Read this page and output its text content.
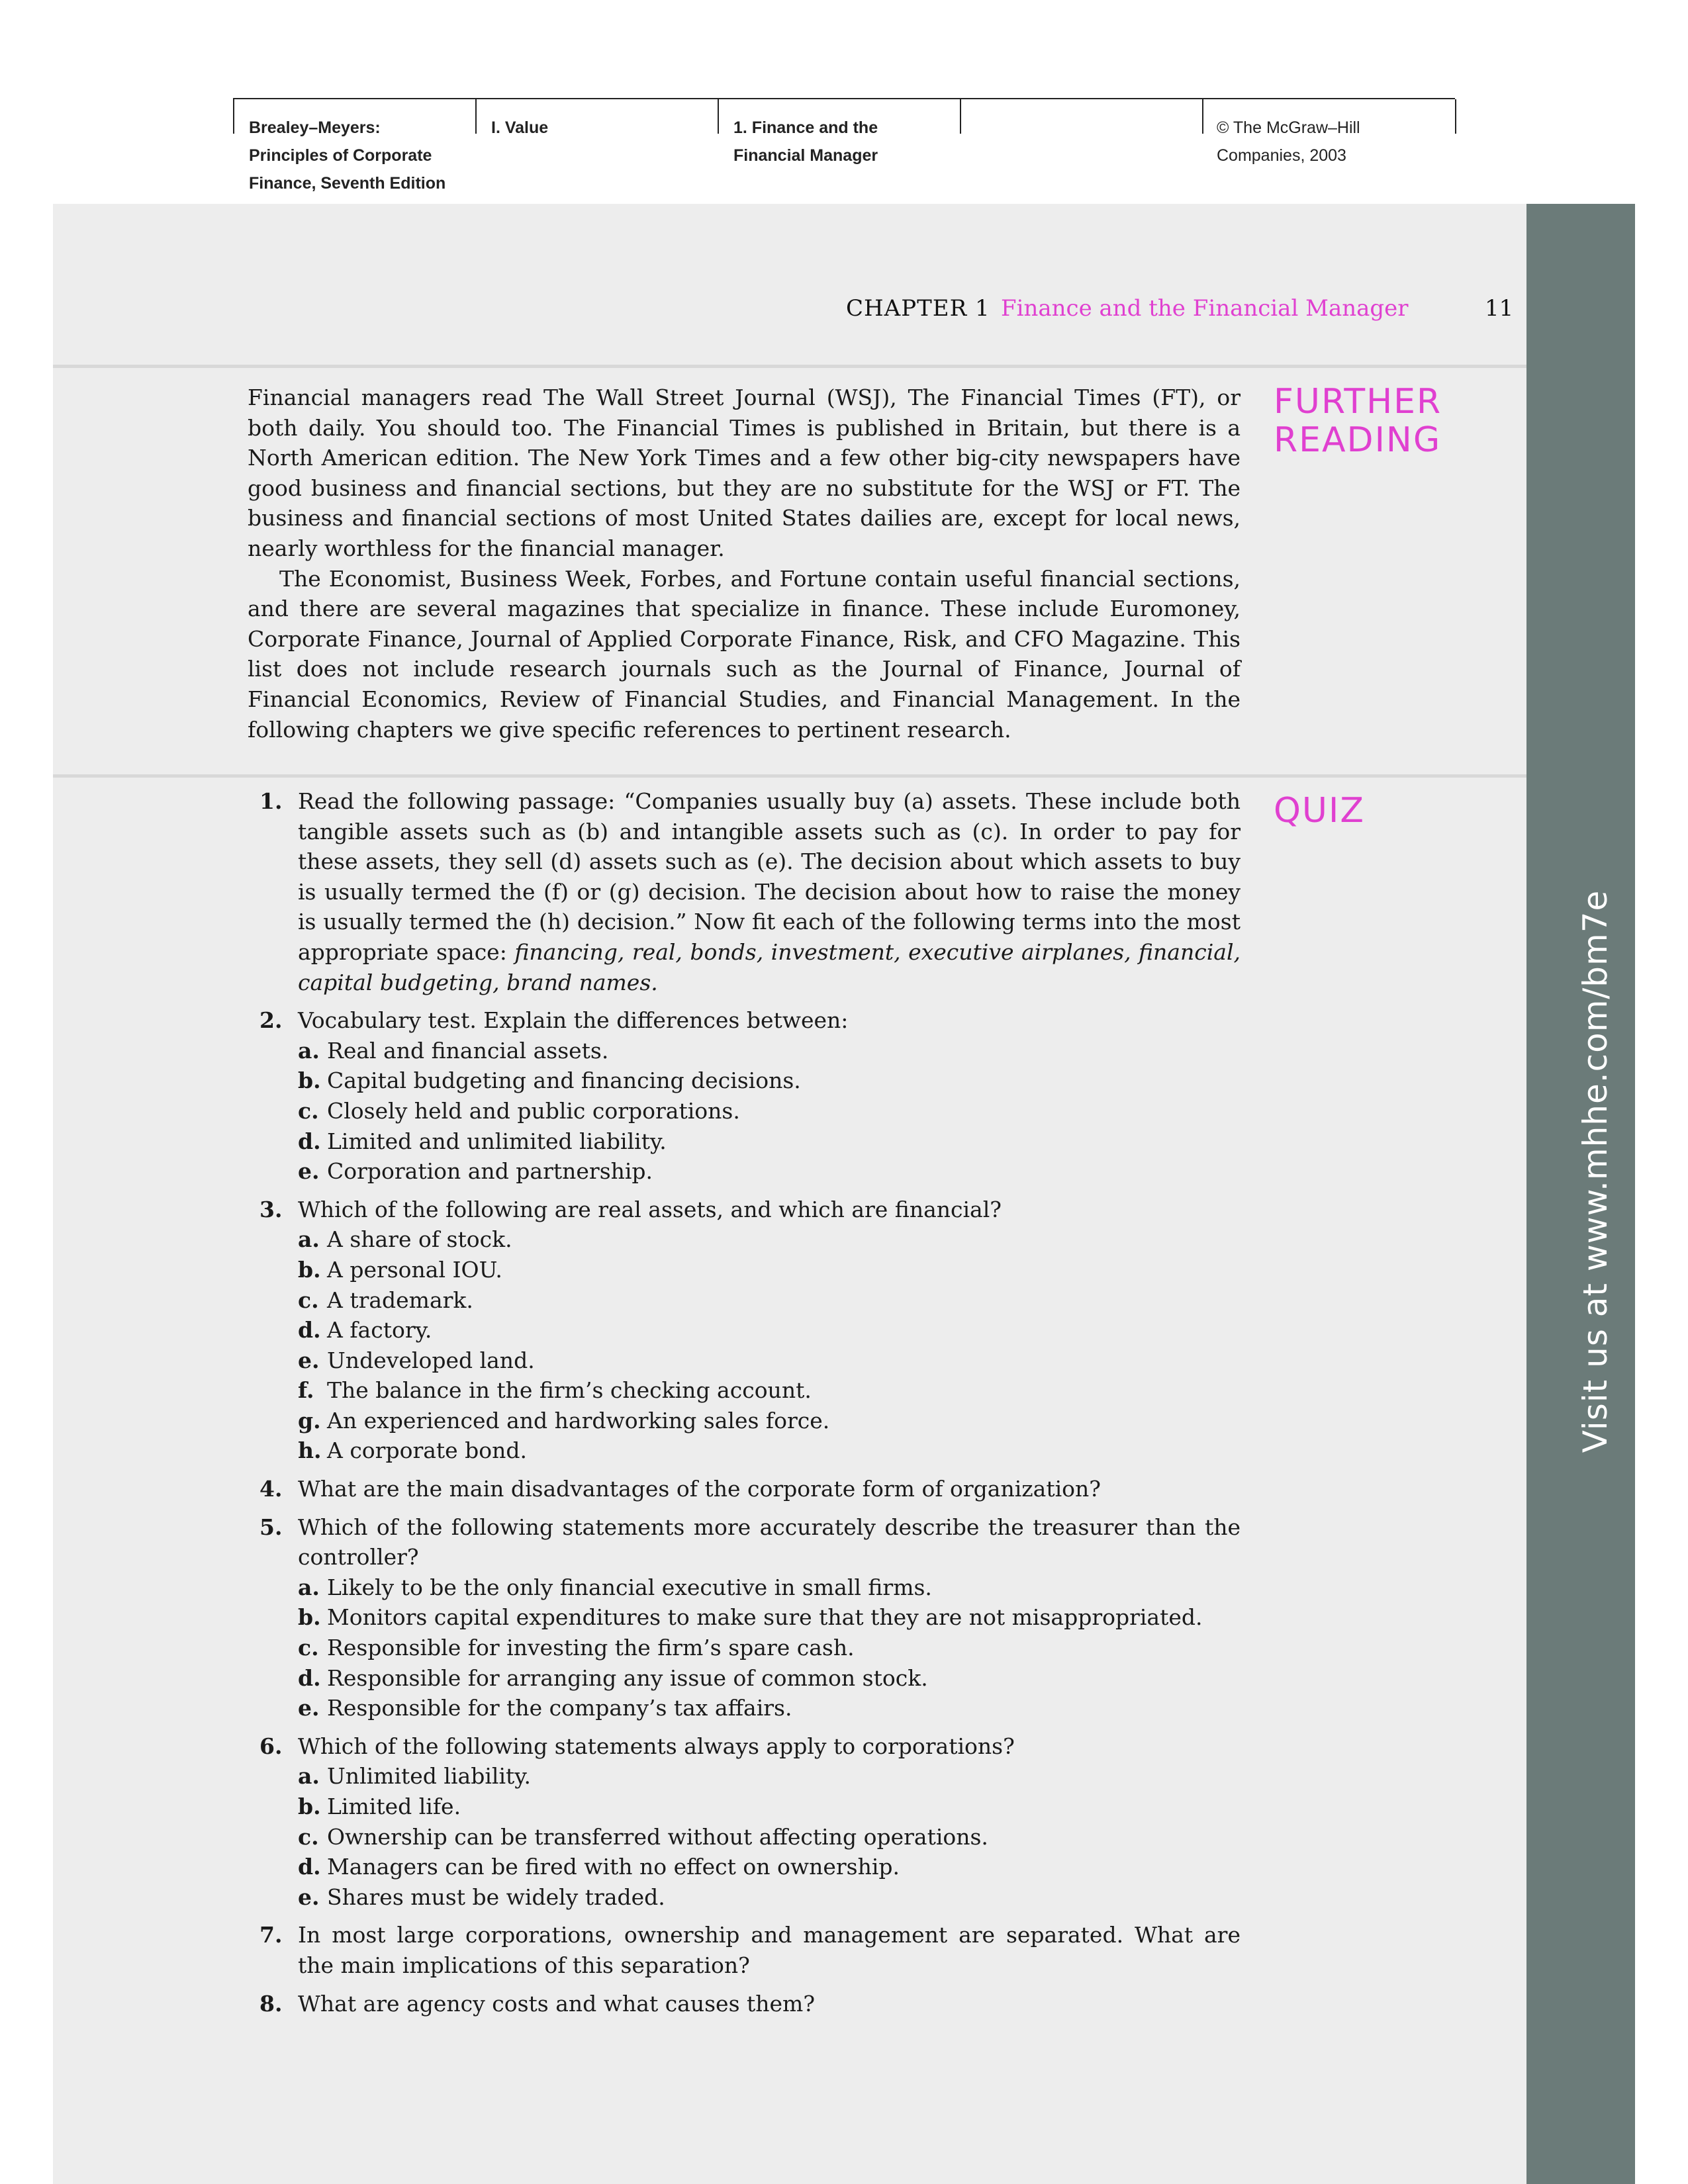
Brealey–Meyers:
Principles of Corporate
Finance, Seventh Edition
I. Value	1. Finance and the
Financial Manager
© The McGraw–Hill
Companies, 2003
Visit us at www.mhhe.com/bm7e
CHAPTER 1 Finance and the Financial Manager	11
FURTHER
READING

Financial managers read The Wall Street Journal (WSJ), The Financial Times (FT), or both daily. You should too. The Financial Times is published in Britain, but there is a North American edition. The New York Times and a few other big-city newspapers have good business and financial sections, but they are no substitute for the WSJ or FT. The business and financial sections of most United States dailies are, except for local news, nearly worthless for the financial manager.

The Economist, Business Week, Forbes, and Fortune contain useful financial sections, and there are several magazines that specialize in finance. These include Euromoney, Corporate Finance, Journal of Applied Corporate Finance, Risk, and CFO Magazine. This list does not include research journals such as the Journal of Finance, Journal of Financial Economics, Review of Financial Studies, and Financial Management. In the following chapters we give specific references to pertinent research.

QUIZ
1. Read the following passage: “Companies usually buy (a) assets. These include both tangible assets such as (b) and intangible assets such as (c). In order to pay for these assets, they sell (d) assets such as (e). The decision about which assets to buy is usually termed the (f) or (g) decision. The decision about how to raise the money is usually termed the (h) decision.” Now fit each of the following terms into the most appropriate space: financing, real, bonds, investment, executive airplanes, financial, capital budgeting, brand names.
2. Vocabulary test. Explain the differences between:
a. Real and financial assets.
b. Capital budgeting and financing decisions.
c. Closely held and public corporations.
d. Limited and unlimited liability.
e. Corporation and partnership.
3. Which of the following are real assets, and which are financial?
a. A share of stock.
b. A personal IOU.
c. A trademark.
d. A factory.
e. Undeveloped land.
f. The balance in the firm’s checking account.
g. An experienced and hardworking sales force.
h. A corporate bond.
4. What are the main disadvantages of the corporate form of organization?
5. Which of the following statements more accurately describe the treasurer than the controller?
a. Likely to be the only financial executive in small firms.
b. Monitors capital expenditures to make sure that they are not misappropriated.
c. Responsible for investing the firm’s spare cash.
d. Responsible for arranging any issue of common stock.
e. Responsible for the company’s tax affairs.
6. Which of the following statements always apply to corporations?
a. Unlimited liability.
b. Limited life.
c. Ownership can be transferred without affecting operations.
d. Managers can be fired with no effect on ownership.
e. Shares must be widely traded.
7. In most large corporations, ownership and management are separated. What are the main implications of this separation?
8. What are agency costs and what causes them?
